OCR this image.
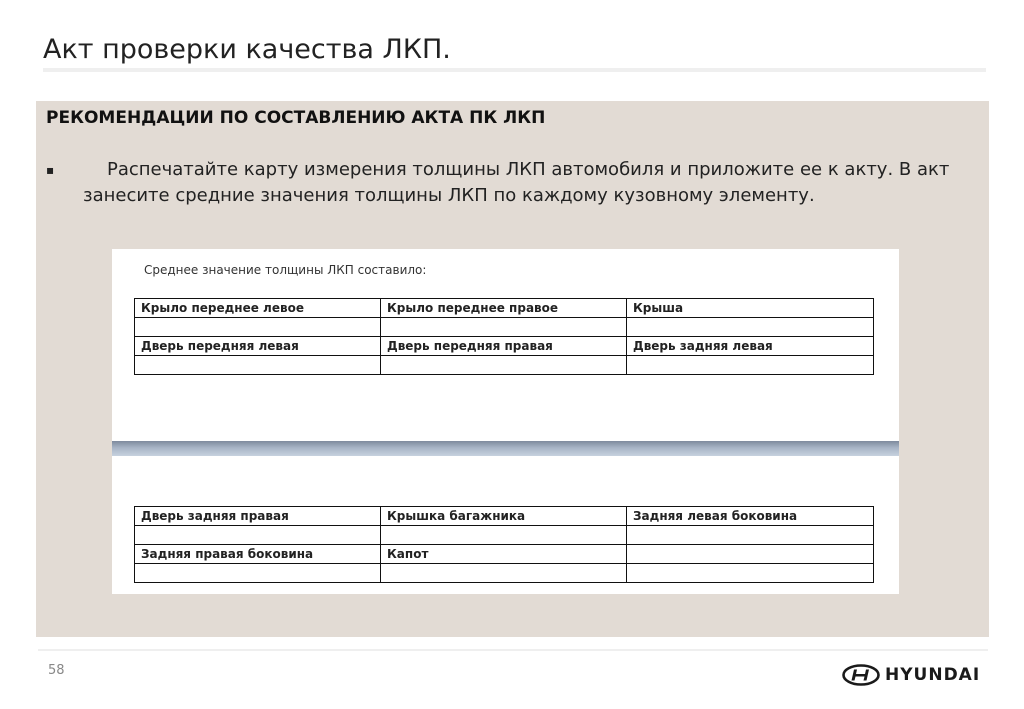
Акт проверки качества ЛКП.
РЕКОМЕНДАЦИИ ПО СОСТАВЛЕНИЮ АКТА ПК ЛКП
▪	Распечатайте карту измерения толщины ЛКП автомобиля и приложите ее к акту. В акт занесите средние значения толщины ЛКП по каждому кузовному элементу.
Среднее значение толщины ЛКП составило:
Крыло переднее левое	Крыло переднее правое	Крыша

Дверь передняя левая	Дверь передняя правая	Дверь задняя левая

Дверь задняя правая	Крышка багажника	Задняя левая боковина

Задняя правая боковина	Капот	

58	HYUNDAI
